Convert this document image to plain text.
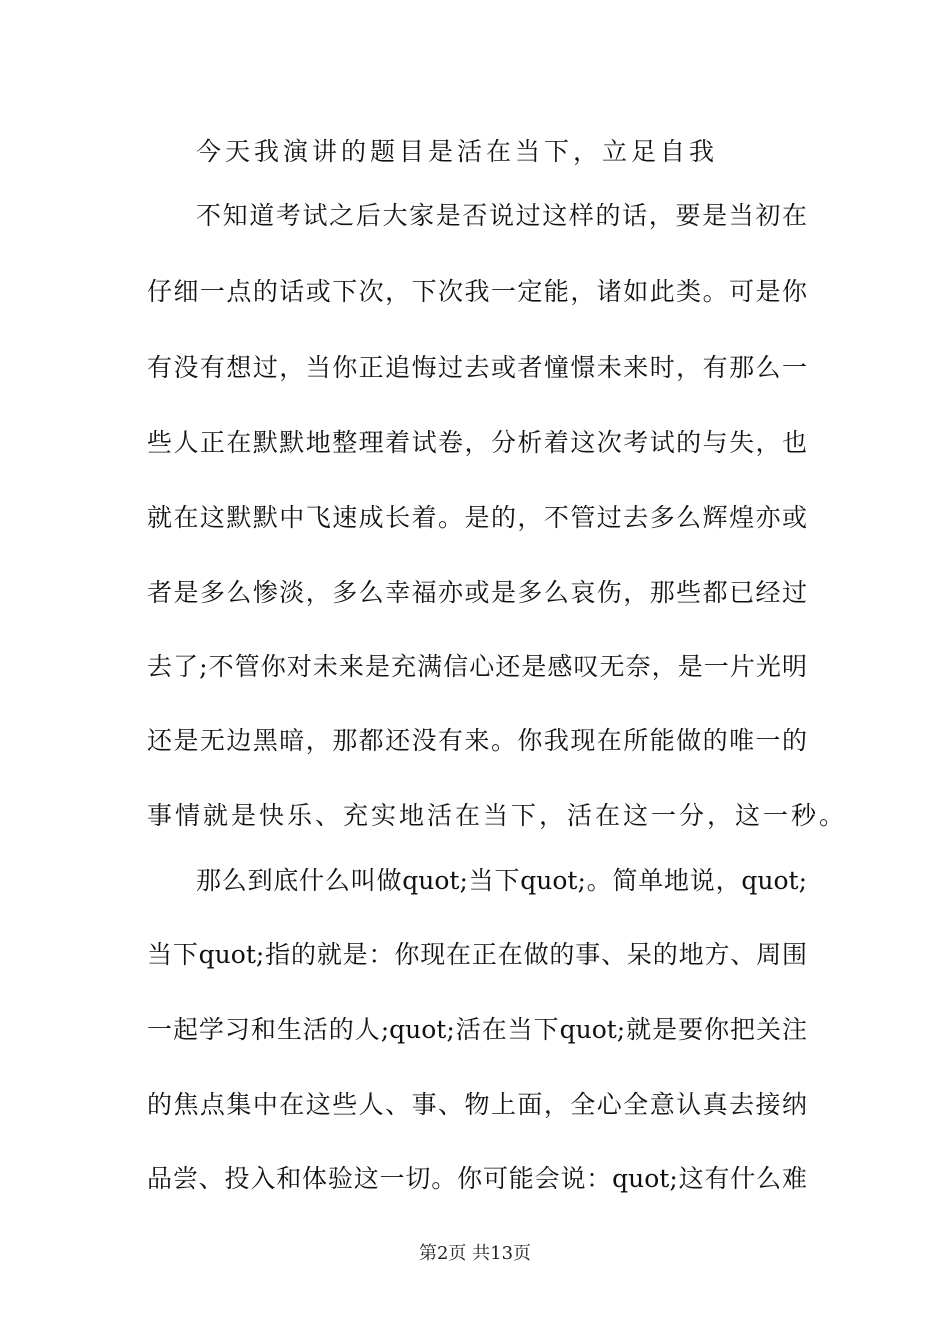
今天我演讲的题目是活在当下，立足自我
不知道考试之后大家是否说过这样的话，要是当初在
仔细一点的话或下次，下次我一定能，诸如此类。可是你
有没有想过，当你正追悔过去或者憧憬未来时，有那么一
些人正在默默地整理着试卷，分析着这次考试的与失，也
就在这默默中飞速成长着。是的，不管过去多么辉煌亦或
者是多么惨淡，多么幸福亦或是多么哀伤，那些都已经过
去了;不管你对未来是充满信心还是感叹无奈，是一片光明
还是无边黑暗，那都还没有来。你我现在所能做的唯一的
事情就是快乐、充实地活在当下，活在这一分，这一秒。
那么到底什么叫做quot;当下quot;。简单地说，quot;
当下quot;指的就是：你现在正在做的事、呆的地方、周围
一起学习和生活的人;quot;活在当下quot;就是要你把关注
的焦点集中在这些人、事、物上面，全心全意认真去接纳
品尝、投入和体验这一切。你可能会说：quot;这有什么难
第2页 共13页
